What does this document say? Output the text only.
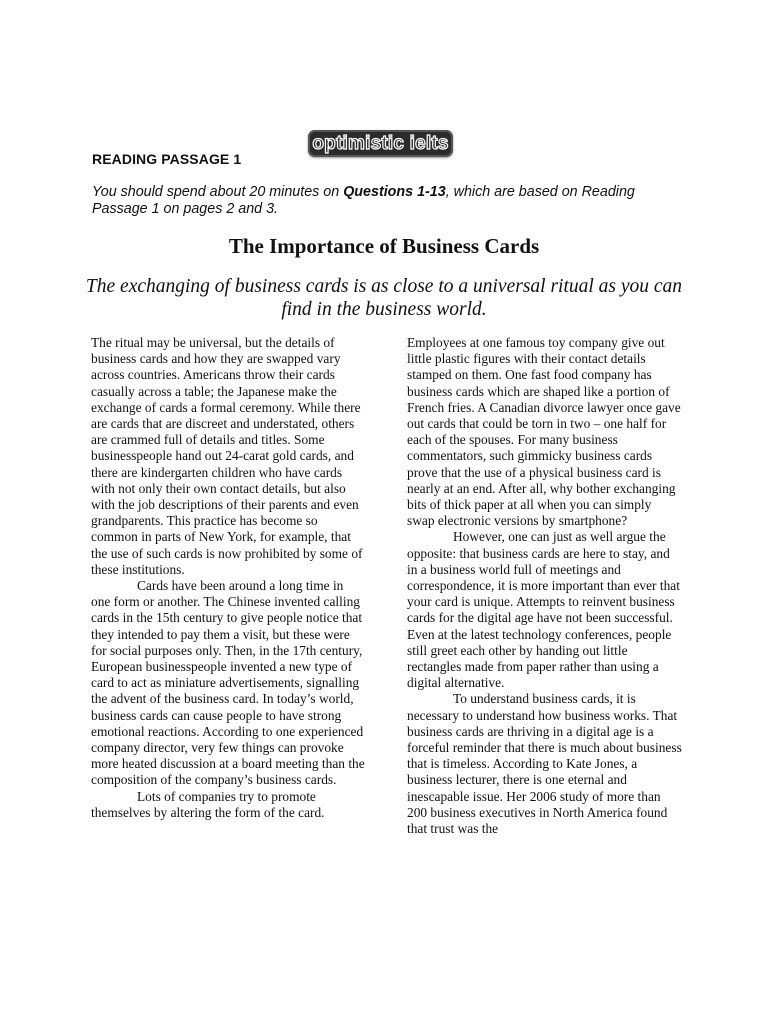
optimistic ielts
READING PASSAGE 1
You should spend about 20 minutes on Questions 1-13, which are based on Reading Passage 1 on pages 2 and 3.
The Importance of Business Cards
The exchanging of business cards is as close to a universal ritual as you can find in the business world.

The ritual may be universal, but the details of business cards and how they are swapped vary across countries. Americans throw their cards casually across a table; the Japanese make the exchange of cards a formal ceremony. While there are cards that are discreet and understated, others are crammed full of details and titles. Some businesspeople hand out 24-carat gold cards, and there are kindergarten children who have cards with not only their own contact details, but also with the job descriptions of their parents and even grandparents. This practice has become so common in parts of New York, for example, that the use of such cards is now prohibited by some of these institutions.

Cards have been around a long time in one form or another. The Chinese invented calling cards in the 15th century to give people notice that they intended to pay them a visit, but these were for social purposes only. Then, in the 17th century, European businesspeople invented a new type of card to act as miniature advertisements, signalling the advent of the business card. In today’s world, business cards can cause people to have strong emotional reactions. According to one experienced company director, very few things can provoke more heated discussion at a board meeting than the composition of the company’s business cards.

Lots of companies try to promote themselves by altering the form of the card.

Employees at one famous toy company give out little plastic figures with their contact details stamped on them. One fast food company has business cards which are shaped like a portion of French fries. A Canadian divorce lawyer once gave out cards that could be torn in two – one half for each of the spouses. For many business commentators, such gimmicky business cards prove that the use of a physical business card is nearly at an end. After all, why bother exchanging bits of thick paper at all when you can simply swap electronic versions by smartphone?

However, one can just as well argue the opposite: that business cards are here to stay, and in a business world full of meetings and correspondence, it is more important than ever that your card is unique. Attempts to reinvent business cards for the digital age have not been successful. Even at the latest technology conferences, people still greet each other by handing out little rectangles made from paper rather than using a digital alternative.

To understand business cards, it is necessary to understand how business works. That business cards are thriving in a digital age is a forceful reminder that there is much about business that is timeless. According to Kate Jones, a business lecturer, there is one eternal and inescapable issue. Her 2006 study of more than 200 business executives in North America found that trust was the
